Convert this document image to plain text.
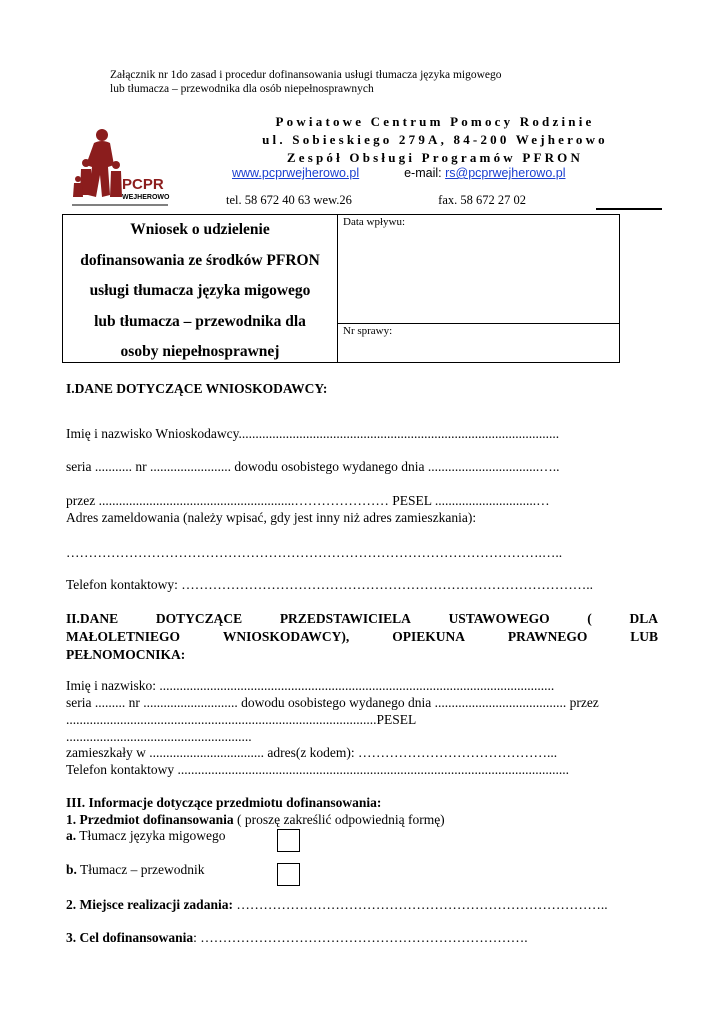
Załącznik nr 1do zasad i procedur dofinansowania usługi tłumacza języka migowego
lub tłumacza – przewodnika dla osób niepełnosprawnych
PCPR
WEJHEROWO
Powiatowe Centrum Pomocy Rodzinie
ul. Sobieskiego 279A, 84-200 Wejherowo
Zespół Obsługi Programów PFRON
www.pcprwejherowo.pl	e-mail: rs@pcprwejherowo.pl
tel. 58 672 40 63 wew.26	fax. 58 672 27 02
Wniosek o udzielenie
dofinansowania ze środków PFRON
usługi tłumacza języka migowego
lub tłumacza – przewodnika dla
osoby niepełnosprawnej
Data wpływu:
Nr sprawy:
I.DANE DOTYCZĄCE WNIOSKODAWCY:
Imię i nazwisko Wnioskodawcy...............................................................................................
seria ........... nr ........................ dowodu osobistego wydanego dnia .................................…..
przez ..........................................................………………… PESEL ..............................…
Adres zameldowania (należy wpisać, gdy jest inny niż adres zamieszkania):
…………………………………………………………………………………………….…..
Telefon kontaktowy: ………………………………………………………………………………..
II.DANE	DOTYCZĄCE	PRZEDSTAWICIELA	USTAWOWEGO	(	DLA
MAŁOLETNIEGO	WNIOSKODAWCY),	OPIEKUNA	PRAWNEGO	LUB
PEŁNOMOCNIKA:
Imię i nazwisko: .....................................................................................................................
seria ......... nr ............................ dowodu osobistego wydanego dnia ....................................... przez
............................................................................................PESEL
.......................................................
zamieszkały w .................................. adres(z kodem): ……………………………………...
Telefon kontaktowy ....................................................................................................................
III. Informacje dotyczące przedmiotu dofinansowania:
1. Przedmiot dofinansowania ( proszę zakreślić odpowiednią formę)
a. Tłumacz języka migowego
b. Tłumacz – przewodnik
2. Miejsce realizacji zadania: ………………………………………………………………………..
3. Cel dofinansowania: ……………………………………………………………….
